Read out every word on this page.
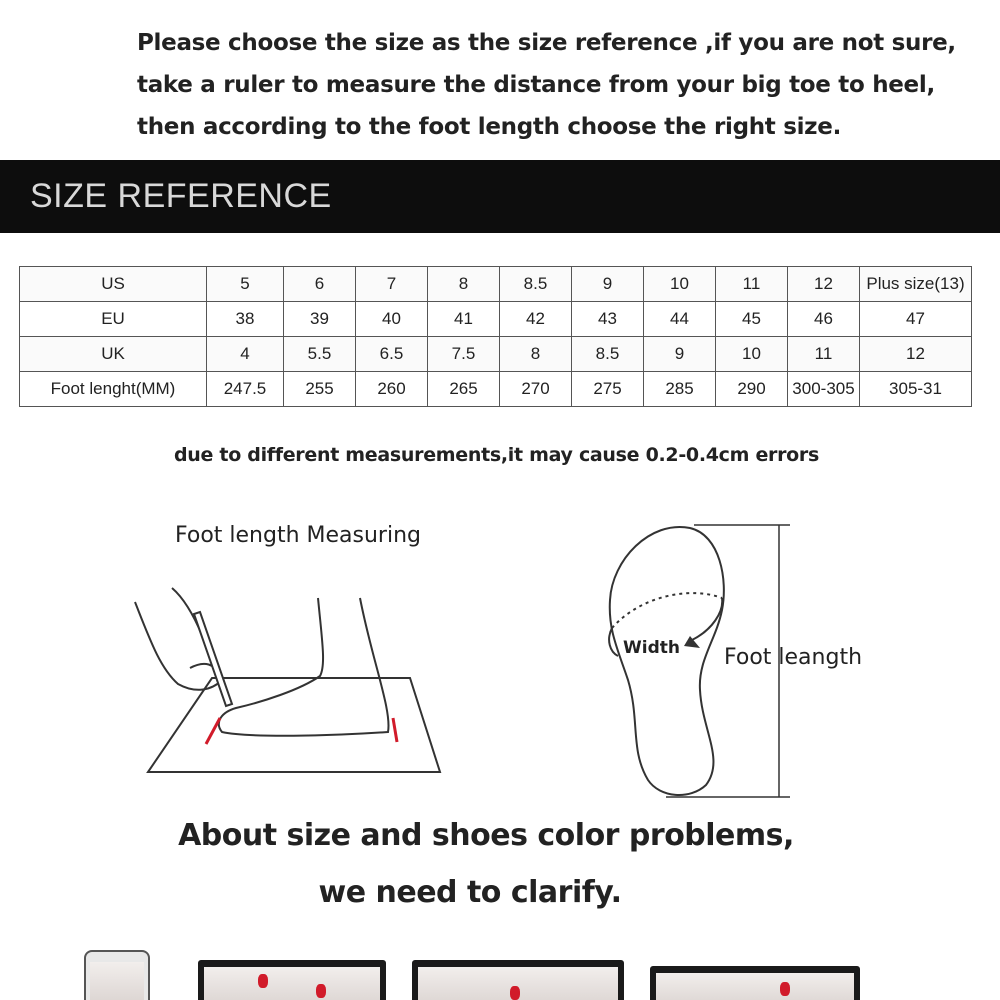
Please choose the size as the size reference ,if you are not sure,
take a ruler to measure the distance from your big toe to heel,
then according to the foot length choose the right size.
SIZE REFERENCE
US	5	6	7	8	8.5	9	10	11	12	Plus size(13)
EU	38	39	40	41	42	43	44	45	46	47
UK	4	5.5	6.5	7.5	8	8.5	9	10	11	12
Foot lenght(MM)	247.5	255	260	265	270	275	285	290	300-305	305-31
due to different measurements,it may cause 0.2-0.4cm errors
Foot length Measuring
Width Foot leangth
About size and shoes color problems,
we need to clarify.
